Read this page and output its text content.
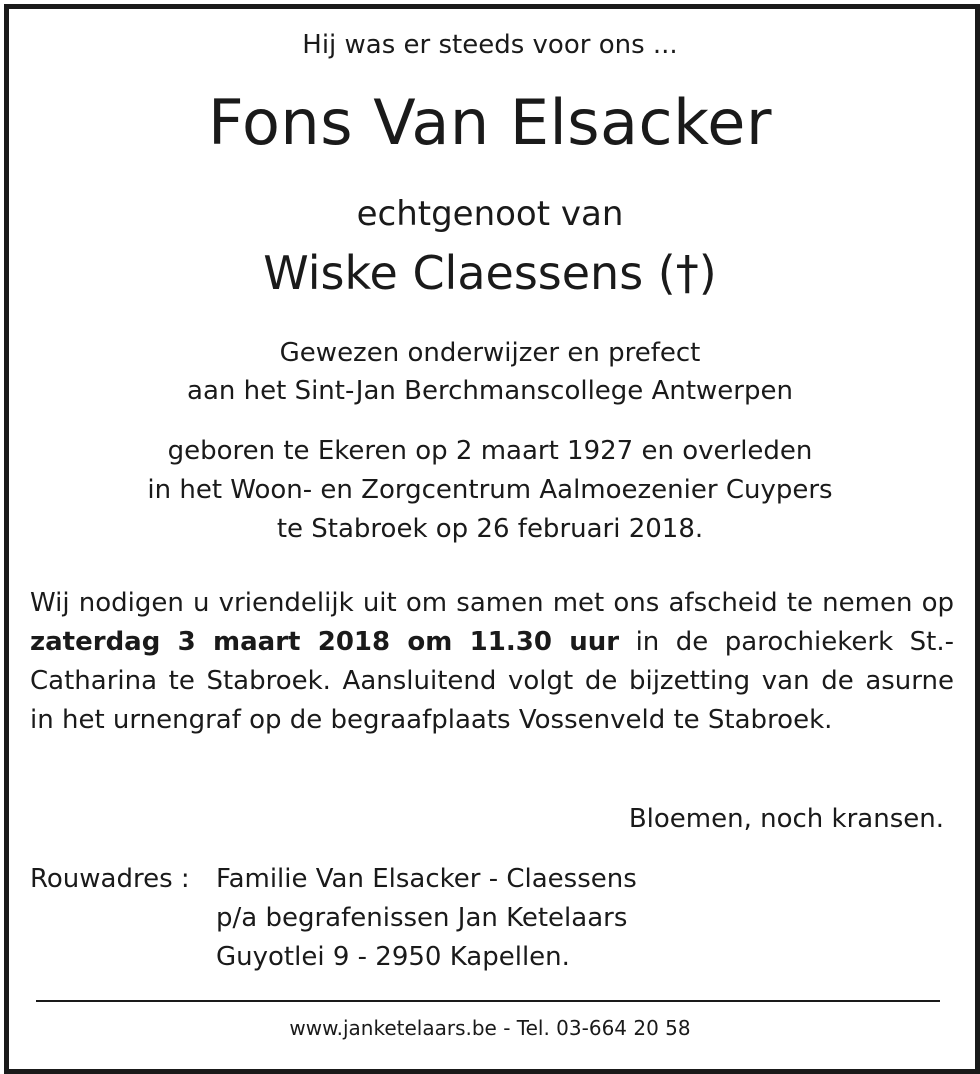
Hij was er steeds voor ons ...
Fons Van Elsacker
echtgenoot van
Wiske Claessens (†)
Gewezen onderwijzer en prefect
aan het Sint-Jan Berchmanscollege Antwerpen
geboren te Ekeren op 2 maart 1927 en overleden
in het Woon- en Zorgcentrum Aalmoezenier Cuypers
te Stabroek op 26 februari 2018.
Wij nodigen u vriendelijk uit om samen met ons afscheid te nemen op zaterdag 3 maart 2018 om 11.30 uur in de parochiekerk St.-Catharina te Stabroek. Aansluitend volgt de bijzetting van de asurne in het urnengraf op de begraafplaats Vossenveld te Stabroek.
Bloemen, noch kransen.
Rouwadres : Familie Van Elsacker - Claessens
p/a begrafenissen Jan Ketelaars
Guyotlei 9 - 2950 Kapellen.
www.janketelaars.be - Tel. 03-664 20 58
